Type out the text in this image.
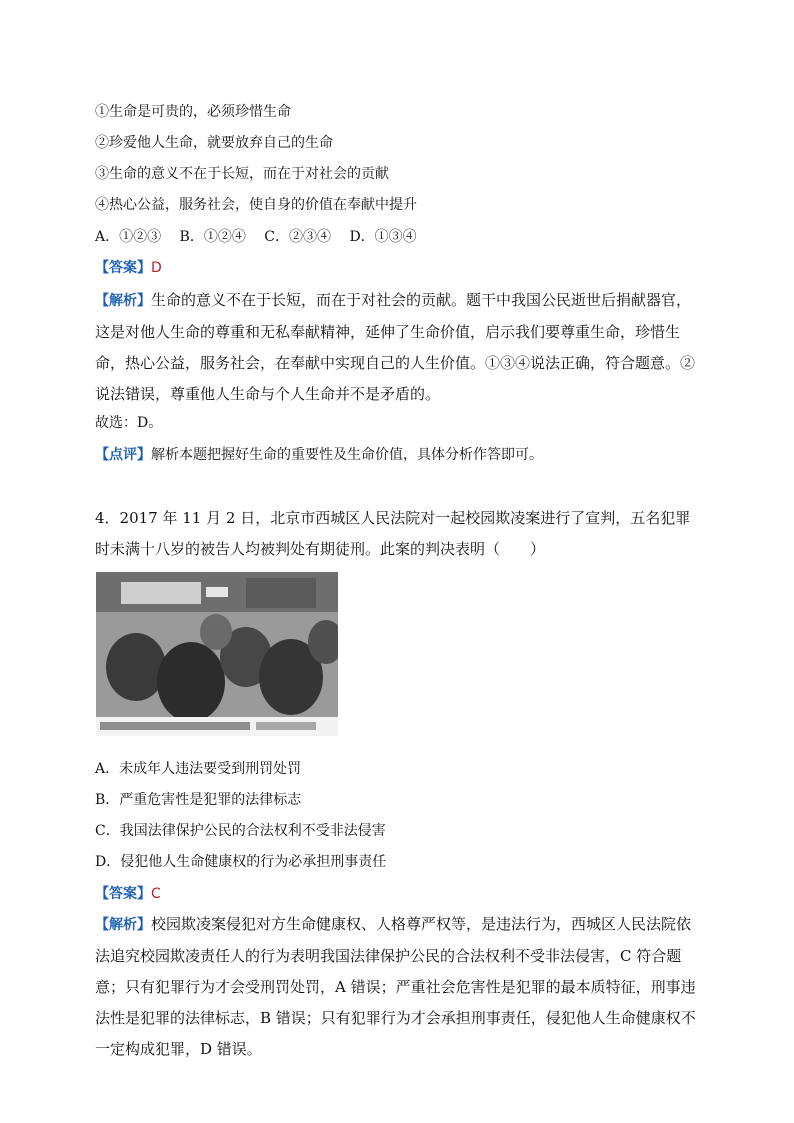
①生命是可贵的，必须珍惜生命
②珍爱他人生命，就要放弃自己的生命
③生命的意义不在于长短，而在于对社会的贡献
④热心公益，服务社会，使自身的价值在奉献中提升
A．①②③　 B．①②④　 C．②③④　 D．①③④
【答案】D
【解析】生命的意义不在于长短，而在于对社会的贡献。题干中我国公民逝世后捐献器官，这是对他人生命的尊重和无私奉献精神，延伸了生命价值，启示我们要尊重生命，珍惜生命，热心公益，服务社会，在奉献中实现自己的人生价值。①③④说法正确，符合题意。②说法错误，尊重他人生命与个人生命并不是矛盾的。
故选：D。
【点评】解析本题把握好生命的重要性及生命价值，具体分析作答即可。
4．2017 年 11 月 2 日，北京市西城区人民法院对一起校园欺凌案进行了宣判，五名犯罪时未满十八岁的被告人均被判处有期徒刑。此案的判决表明（　　）
A．未成年人违法要受到刑罚处罚
B．严重危害性是犯罪的法律标志
C．我国法律保护公民的合法权利不受非法侵害
D．侵犯他人生命健康权的行为必承担刑事责任
【答案】C
【解析】校园欺凌案侵犯对方生命健康权、人格尊严权等，是违法行为，西城区人民法院依法追究校园欺凌责任人的行为表明我国法律保护公民的合法权利不受非法侵害，C 符合题意；只有犯罪行为才会受刑罚处罚，A 错误；严重社会危害性是犯罪的最本质特征，刑事违法性是犯罪的法律标志，B 错误；只有犯罪行为才会承担刑事责任，侵犯他人生命健康权不一定构成犯罪，D 错误。
